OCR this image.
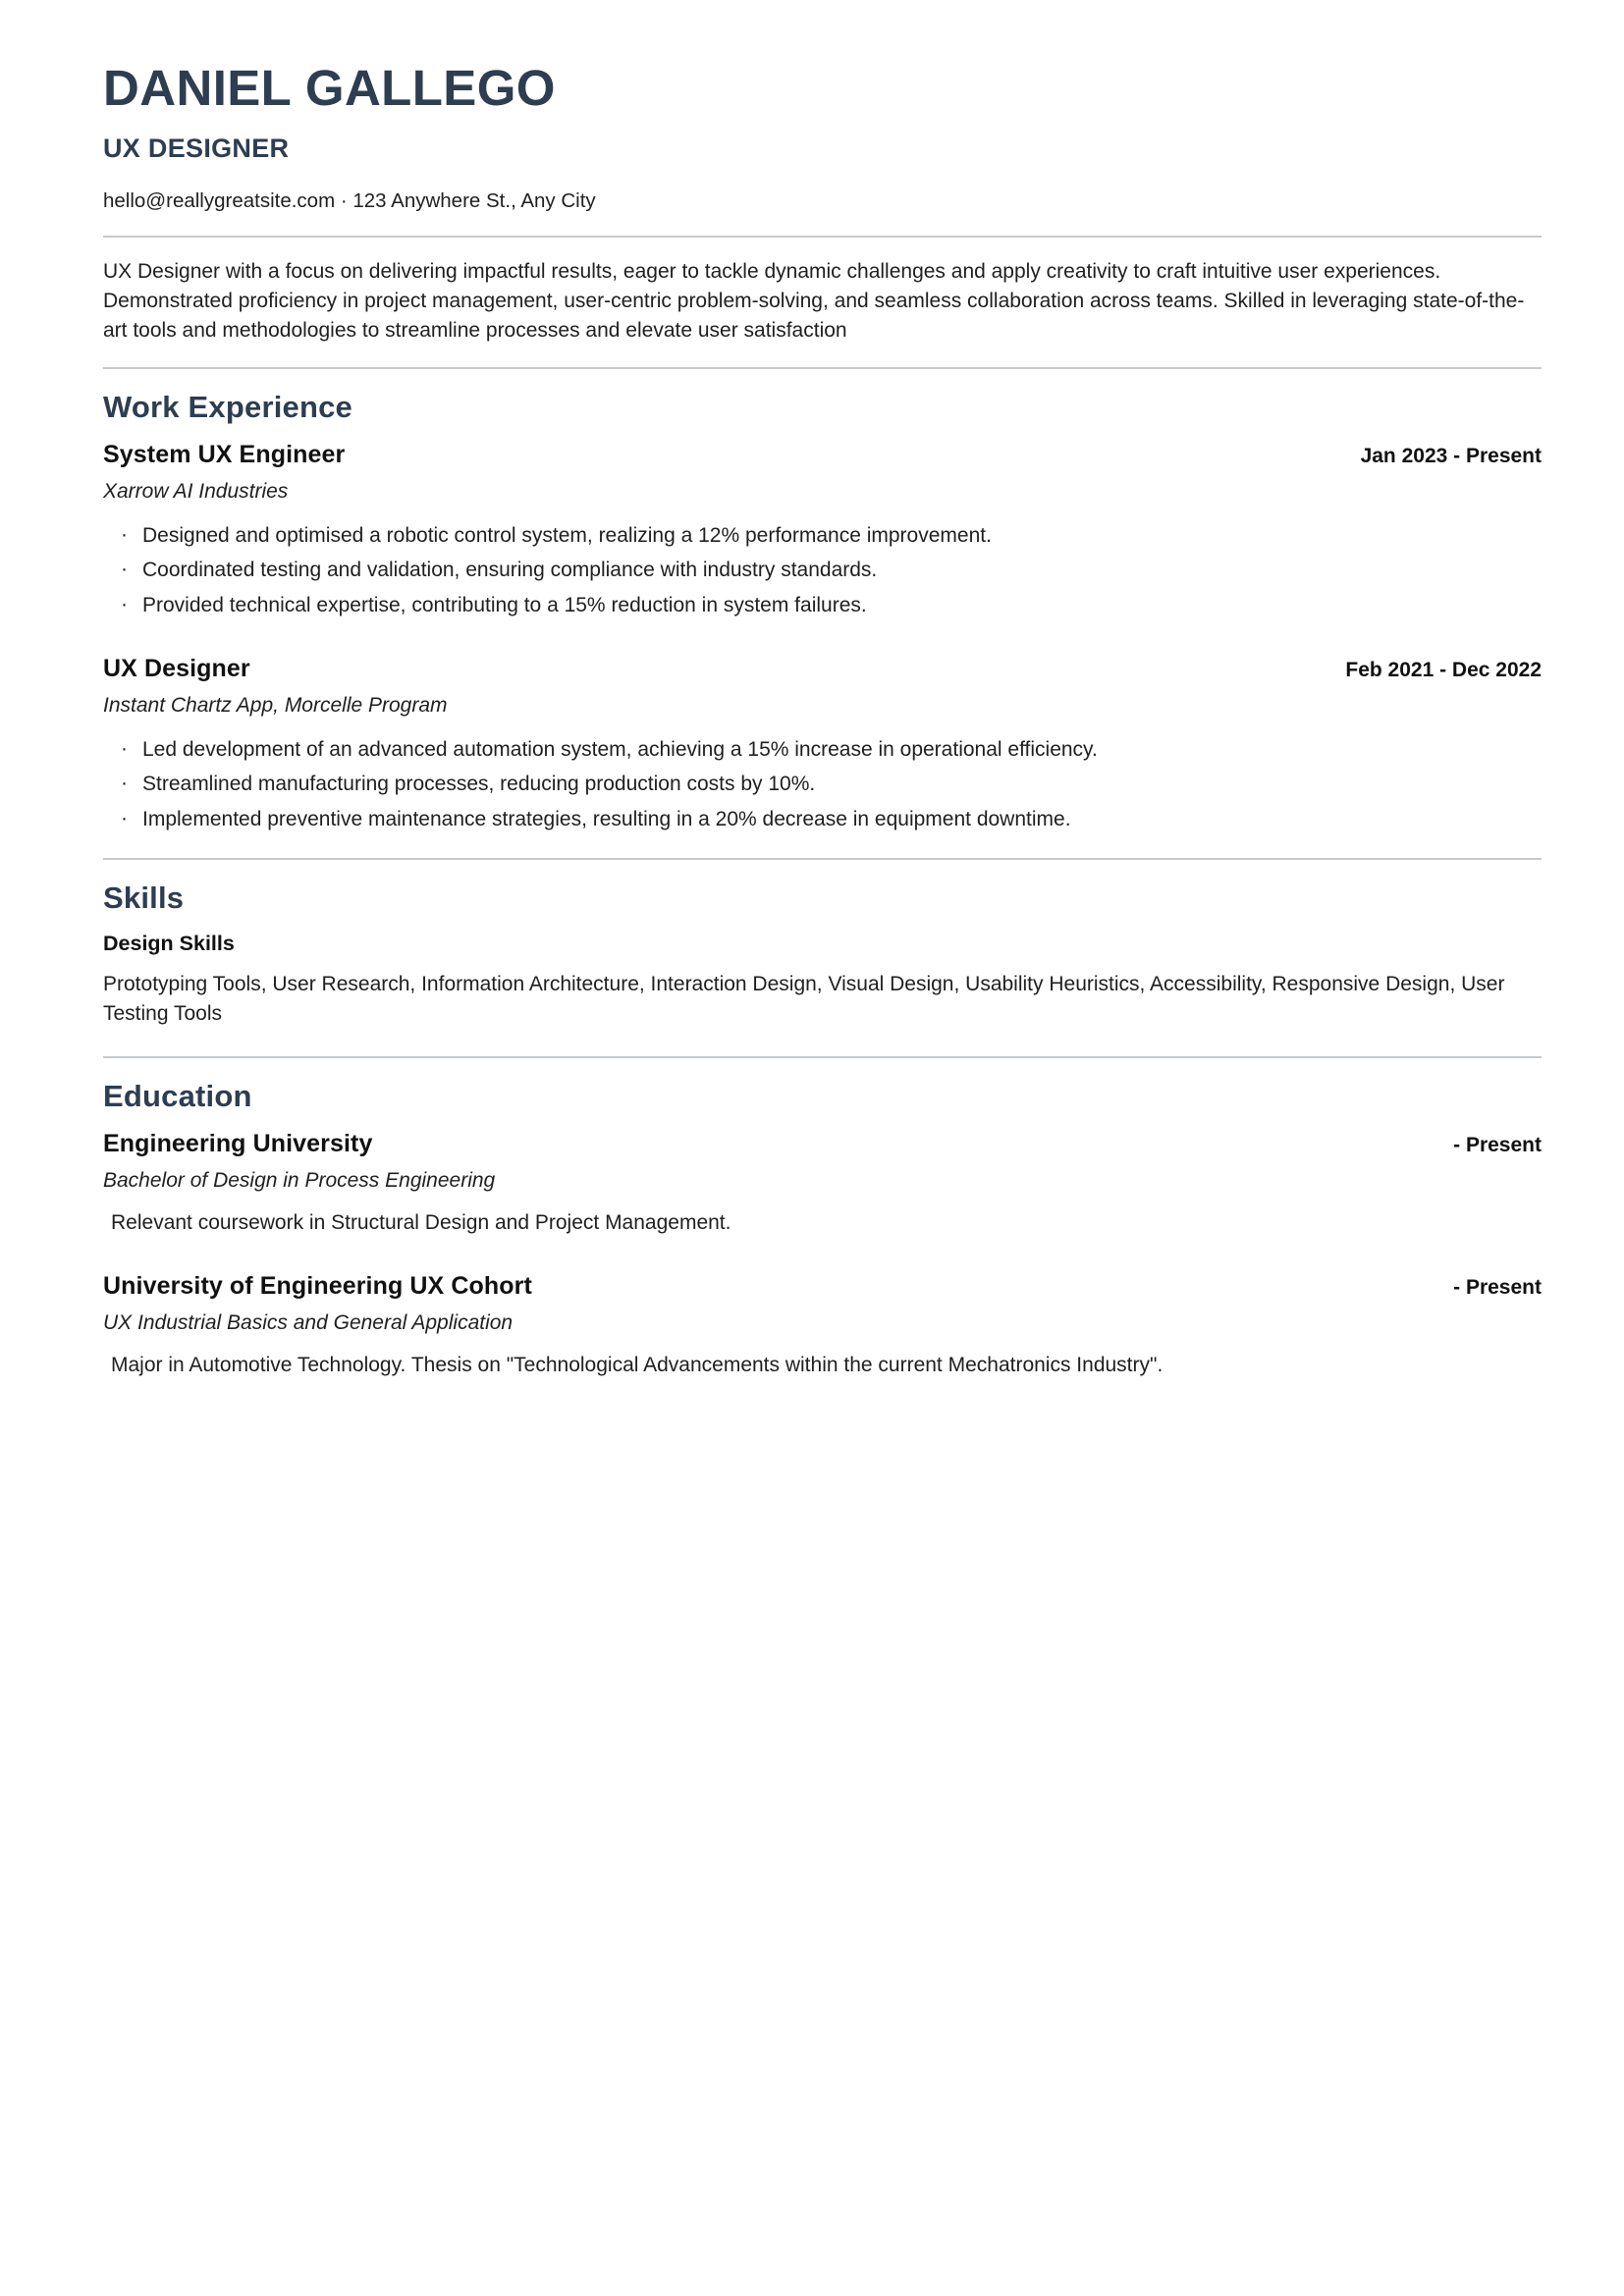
DANIEL GALLEGO
UX DESIGNER
hello@reallygreatsite.com · 123 Anywhere St., Any City

UX Designer with a focus on delivering impactful results, eager to tackle dynamic challenges and apply creativity to craft intuitive user experiences. Demonstrated proficiency in project management, user-centric problem-solving, and seamless collaboration across teams. Skilled in leveraging state-of-the-art tools and methodologies to streamline processes and elevate user satisfaction

Work Experience
System UX Engineer	Jan 2023 - Present
Xarrow AI Industries
· Designed and optimised a robotic control system, realizing a 12% performance improvement.
· Coordinated testing and validation, ensuring compliance with industry standards.
· Provided technical expertise, contributing to a 15% reduction in system failures.
UX Designer	Feb 2021 - Dec 2022
Instant Chartz App, Morcelle Program
· Led development of an advanced automation system, achieving a 15% increase in operational efficiency.
· Streamlined manufacturing processes, reducing production costs by 10%.
· Implemented preventive maintenance strategies, resulting in a 20% decrease in equipment downtime.
Skills
Design Skills
Prototyping Tools, User Research, Information Architecture, Interaction Design, Visual Design, Usability Heuristics, Accessibility, Responsive Design, User Testing Tools
Education
Engineering University	- Present
Bachelor of Design in Process Engineering
Relevant coursework in Structural Design and Project Management.
University of Engineering UX Cohort	- Present
UX Industrial Basics and General Application
Major in Automotive Technology. Thesis on "Technological Advancements within the current Mechatronics Industry".
